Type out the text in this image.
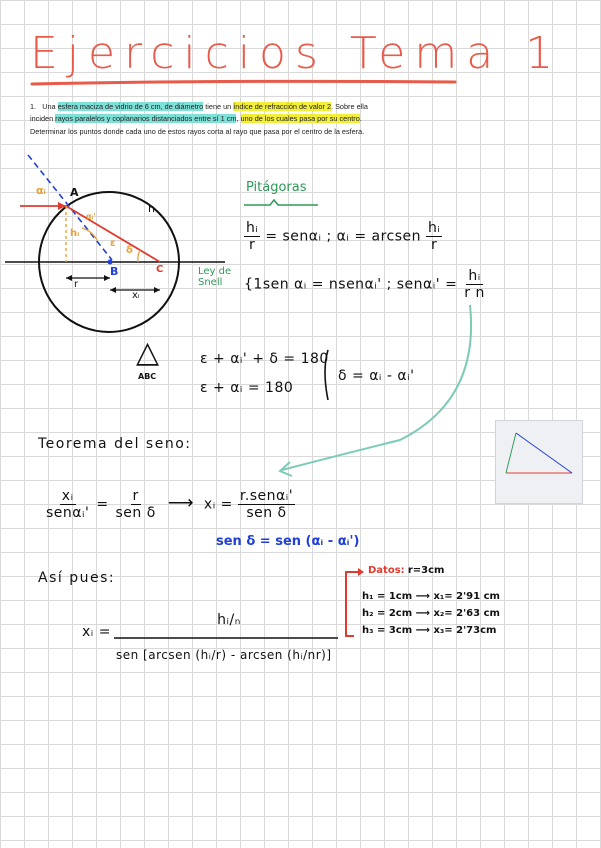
Ejercicios Tema 1
1. Una esfera maciza de vidrio de 6 cm, de diámetro tiene un índice de refracción de valor 2. Sobre ella inciden rayos paralelos y coplanarios distanciados entre sí 1 cm, uno de los cuales pasa por su centro. Determinar los puntos donde cada uno de estos rayos corta al rayo que pasa por el centro de la esfera.
αᵢ A
hᵢ
αᵢ'
ε
δ
B	C
n
r
xᵢ
Pitágoras
$\frac{\text{hᵢ}}{r}$ = senαᵢ ; αᵢ = arcsen $\frac{\text{hᵢ}}{r}$
Ley de
Snell	{1sen αᵢ = nsenαᵢ' ; senαᵢ' = $\frac{\text{hᵢ}}{\text{r n}}$
△
ABC
ε + αᵢ' + δ = 180
ε + αᵢ = 180
δ = αᵢ - αᵢ'
Teorema del seno:
$\frac{\text{xᵢ}}{\text{senαᵢ'}} = \frac{r}{\text{sen δ}}$ ⟶ xᵢ = $\frac{\text{r.senαᵢ'}}{\text{sen δ}}$
sen δ = sen (αᵢ - αᵢ')
Así pues:
xᵢ =
hᵢ/ₙ
sen [arcsen (hᵢ/r) - arcsen (hᵢ/nr)]
Datos: r=3cm
h₁ = 1cm ⟶ x₁= 2'91 cm
h₂ = 2cm ⟶ x₂= 2'63 cm
h₃ = 3cm ⟶ x₃= 2'73cm
